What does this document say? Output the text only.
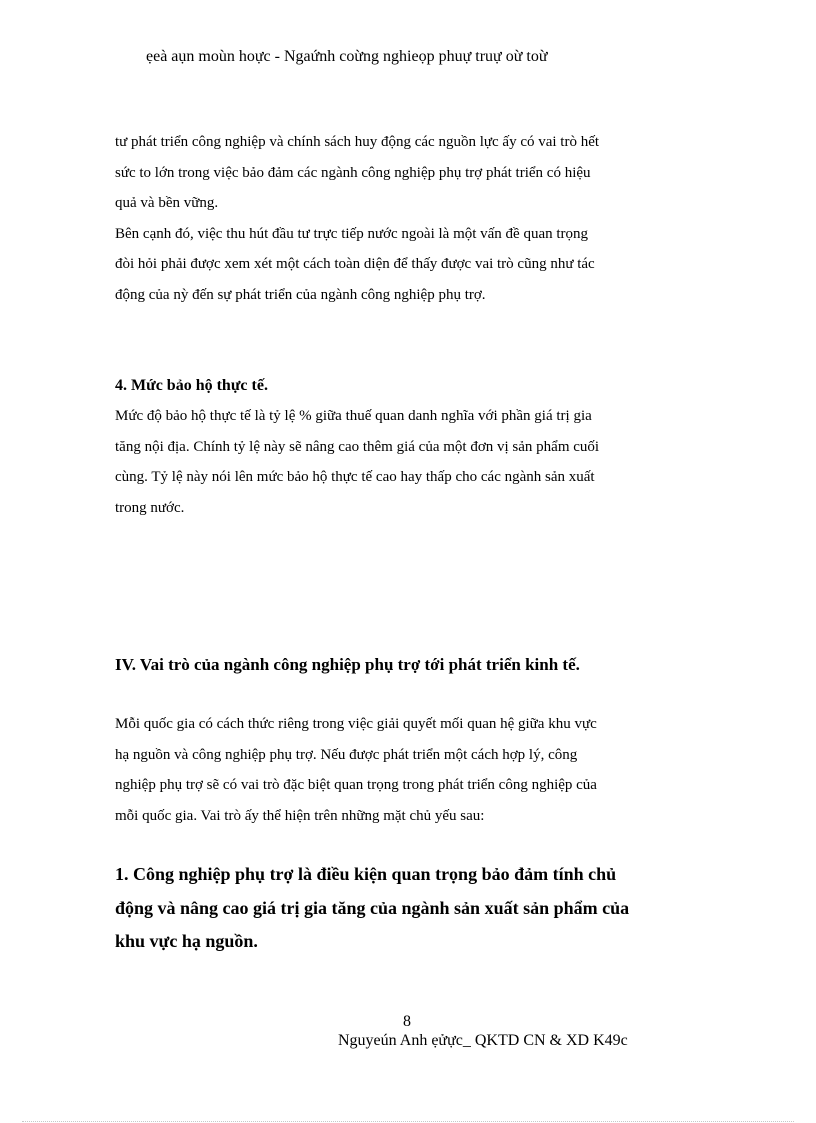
ẹeà aụn moùn hoực - Ngaứnh coừng nghieọp phuự truự oừ toừ
tư phát triển công nghiệp và chính sách huy động các nguồn lực ấy có vai trò hết
sức to lớn trong việc bảo đảm các ngành công nghiệp phụ trợ phát triển có hiệu
quả và bền vững.
Bên cạnh đó, việc thu hút đầu tư trực tiếp nước ngoài là một vấn đề quan trọng
đòi hỏi phải được xem xét một cách toàn diện để thấy được vai trò cũng như tác
động của nỳ đến sự phát triển của ngành công nghiệp phụ trợ.
4. Mức bảo hộ thực tế.
Mức độ bảo hộ thực tế là tỷ lệ % giữa thuế quan danh nghĩa với phần giá trị gia
tăng nội địa. Chính tỷ lệ này sẽ nâng cao thêm giá của một đơn vị sản phẩm cuối
cùng. Tỷ lệ này nói lên mức bảo hộ thực tế cao hay thấp cho các ngành sản xuất
trong nước.
IV. Vai trò của ngành công nghiệp phụ trợ tới phát triển kinh tế.
Mỗi quốc gia có cách thức riêng trong việc giải quyết mối quan hệ giữa khu vực
hạ nguồn và công nghiệp phụ trợ. Nếu được phát triển một cách hợp lý, công
nghiệp phụ trợ sẽ có vai trò đặc biệt quan trọng trong phát triển công nghiệp của
mỗi quốc gia. Vai trò ấy thể hiện trên những mặt chủ yếu sau:
1. Công nghiệp phụ trợ là điều kiện quan trọng bảo đảm tính chủ
động và nâng cao giá trị gia tăng của ngành sản xuất sản phẩm của
khu vực hạ nguồn.
8
Nguyeún Anh ẹửực_ QKTD CN & XD K49c
